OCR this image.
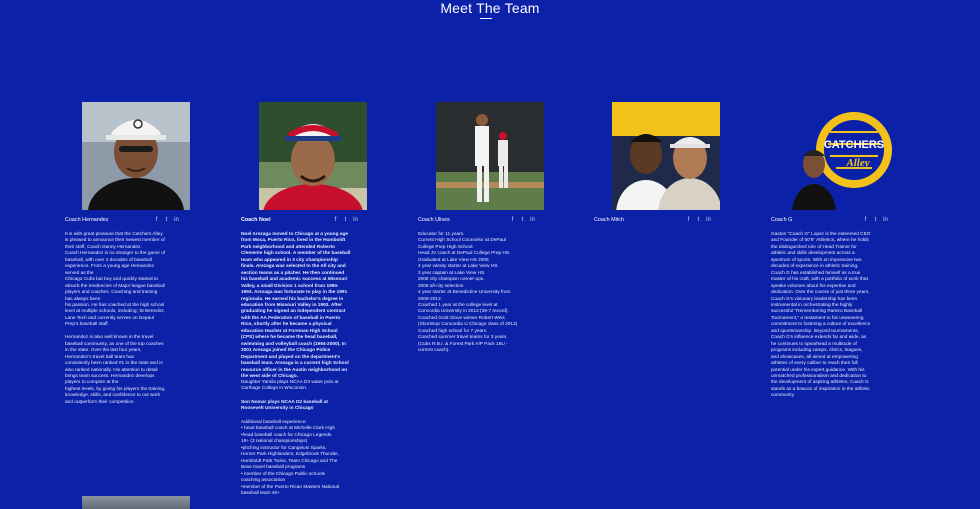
Meet The Team
Coach Hernandez	f	t	in
It is with great pleasure that the Catchers Alley
is pleased to announce their newest member of
their staff, Coach Danny Hernandez.
Coach Hernandez is no stranger to the game of
baseball, with over 4 decades of baseball
experience. From a young age Hernandez
served as the
Chicago Cubs bat boy and quickly started to
absorb the tendencies of Major league baseball
players and coaches. Coaching and training
has always been
his passion. He has coached at the high school
level at multiple schools, including; St Benedict,
Lane Tech and currently serves on Depaul
Prep's baseball staff.

Hernandez is also well known in the travel
baseball community, as one of the top coaches
in the state. Over the last four years,
Hernandez's travel ball team has
consistently been ranked #1 in the state and is
also ranked nationally. His attention to detail
brings team success. Hernandez develops
players to compete at the
highest levels, by giving his players the training,
knowledge, skills, and confidence to out work
and outperform their competition.
Coach Noel	f	t	in
Noel Arezaga moved to Chicago at a young age
from Moca, Puerto Rico, lived in the Humboldt
Park neighborhood and attended Roberto
Clemente high school. A member of the baseball
team who appeared in 3 city championship
finals. Arezaga was selected to the All city and
section teams as a pitcher. He then continued
his baseball and academic success at Missouri
Valley, a small Division 1 school from 1990-
1993. Arezaga was fortunate to play in the 1991
regionals. He earned his bachelor's degree in
education from Missouri Valley in 1993. After
graduating he signed an independent contract
with the AA Federation of baseball in Puerto
Rico, shortly after he became a physical
education teacher at Foreman High School
(CPS) where he became the head baseball,
swimming and volleyball coach (1994-2000). In
2001 Arezaga joined the Chicago Police
Department and played on the department's
baseball team. Arezaga is a current high School
resource officer in the Austin neighborhood on
the west side of Chicago.
Daughter Yamila plays NCAA D3 water polo at
Carthage College in Wisconsin.
Son Nomar plays NCAA D2 baseball at
Roosevelt University in Chicago
Additional baseball experience:
• head baseball coach at Michelle Clark High
•head baseball coach for Chicago Legends
18+ (3 national championships)
•pitching instructor for Cangelosi Sparks,
Horner Park Highlanders, Edgebrook Thunder,
Humboldt Park Twins, Team Chicago and The
Base travel baseball programs
• member of the Chicago Public schools
coaching association
•member of the Puerto Rican Masters National
baseball team 45+
Coach Ulises	f	t	in
Educator for 11 years.
Current High School Counselor at DePaul
College Prep High School.
Head JV coach at DePaul College Prep HS.
Graduated at Lake View HS 2006
4 year varsity starter at Lake View HS.
3 year captain at Lake View HS.
2008 city champion runner-ups.
2008 all-city selection.
4 year starter at Benedictine University from
2009-2012.
Coached 1 year at the college level at
Concordia University in 2013 (39-7 record).
Coached Gold Glove winner Robert Weis
(Shortstop Concordia U Chicago class of 2013)
Coached high school for 7 years.
Coached summer travel teams for 3 years
(Cubs R.B.I. & Forest Park A/P Pack 16U -
current coach).
Coach Mitch	f	t	in
CATCHERS
Alley
Coach G	f	t	in
Gaston "Coach G" Lopez is the esteemed CEO
and Founder of 60'6" Athletics, where he holds
the distinguished role of Head Trainer for
athletic and skills development across a
spectrum of sports. With an impressive two
decades of experience in athletic training,
Coach G has established himself as a true
master of his craft, with a portfolio of work that
speaks volumes about his expertise and
dedication. Over the course of just three years,
Coach G's visionary leadership has been
instrumental in orchestrating the highly
successful "Remembering Ramiro Baseball
Tournament," a testament to his unwavering
commitment to fostering a culture of excellence
and sportsmanship. Beyond tournaments,
Coach G's influence extends far and wide, as
he continues to spearhead a multitude of
programs including camps, clinics, leagues,
and showcases, all aimed at empowering
athletes of every caliber to reach their full
potential under his expert guidance. With his
unmatched professionalism and dedication to
the development of aspiring athletes, Coach G
stands as a beacon of inspiration in the athletic
community.
